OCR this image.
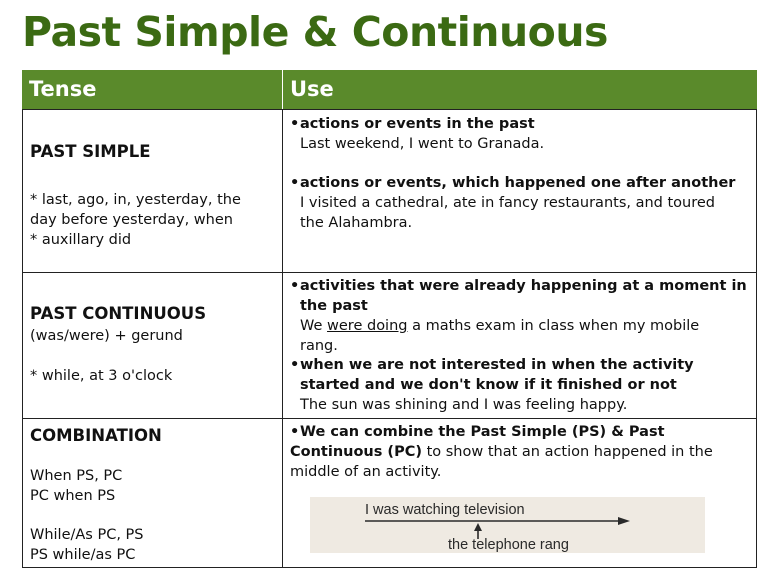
Past Simple & Continuous
Tense	Use
PAST SIMPLE
* last, ago, in, yesterday, the
day before yesterday, when
* auxillary did
• actions or events in the past
Last weekend, I went to Granada.
• actions or events, which happened one after another
I visited a cathedral, ate in fancy restaurants, and toured
the Alahambra.
PAST CONTINUOUS
(was/were) + gerund
* while, at 3 o'clock
• activities that were already happening at a moment in
the past
We were doing a maths exam in class when my mobile
rang.
• when we are not interested in when the activity
started and we don't know if it finished or not
The sun was shining and I was feeling happy.
COMBINATION
When PS, PC
PC when PS
While/As PC, PS
PS while/as PC
• We can combine the Past Simple (PS) & Past
Continuous (PC) to show that an action happened in the
middle of an activity.
I was watching television
the telephone rang
